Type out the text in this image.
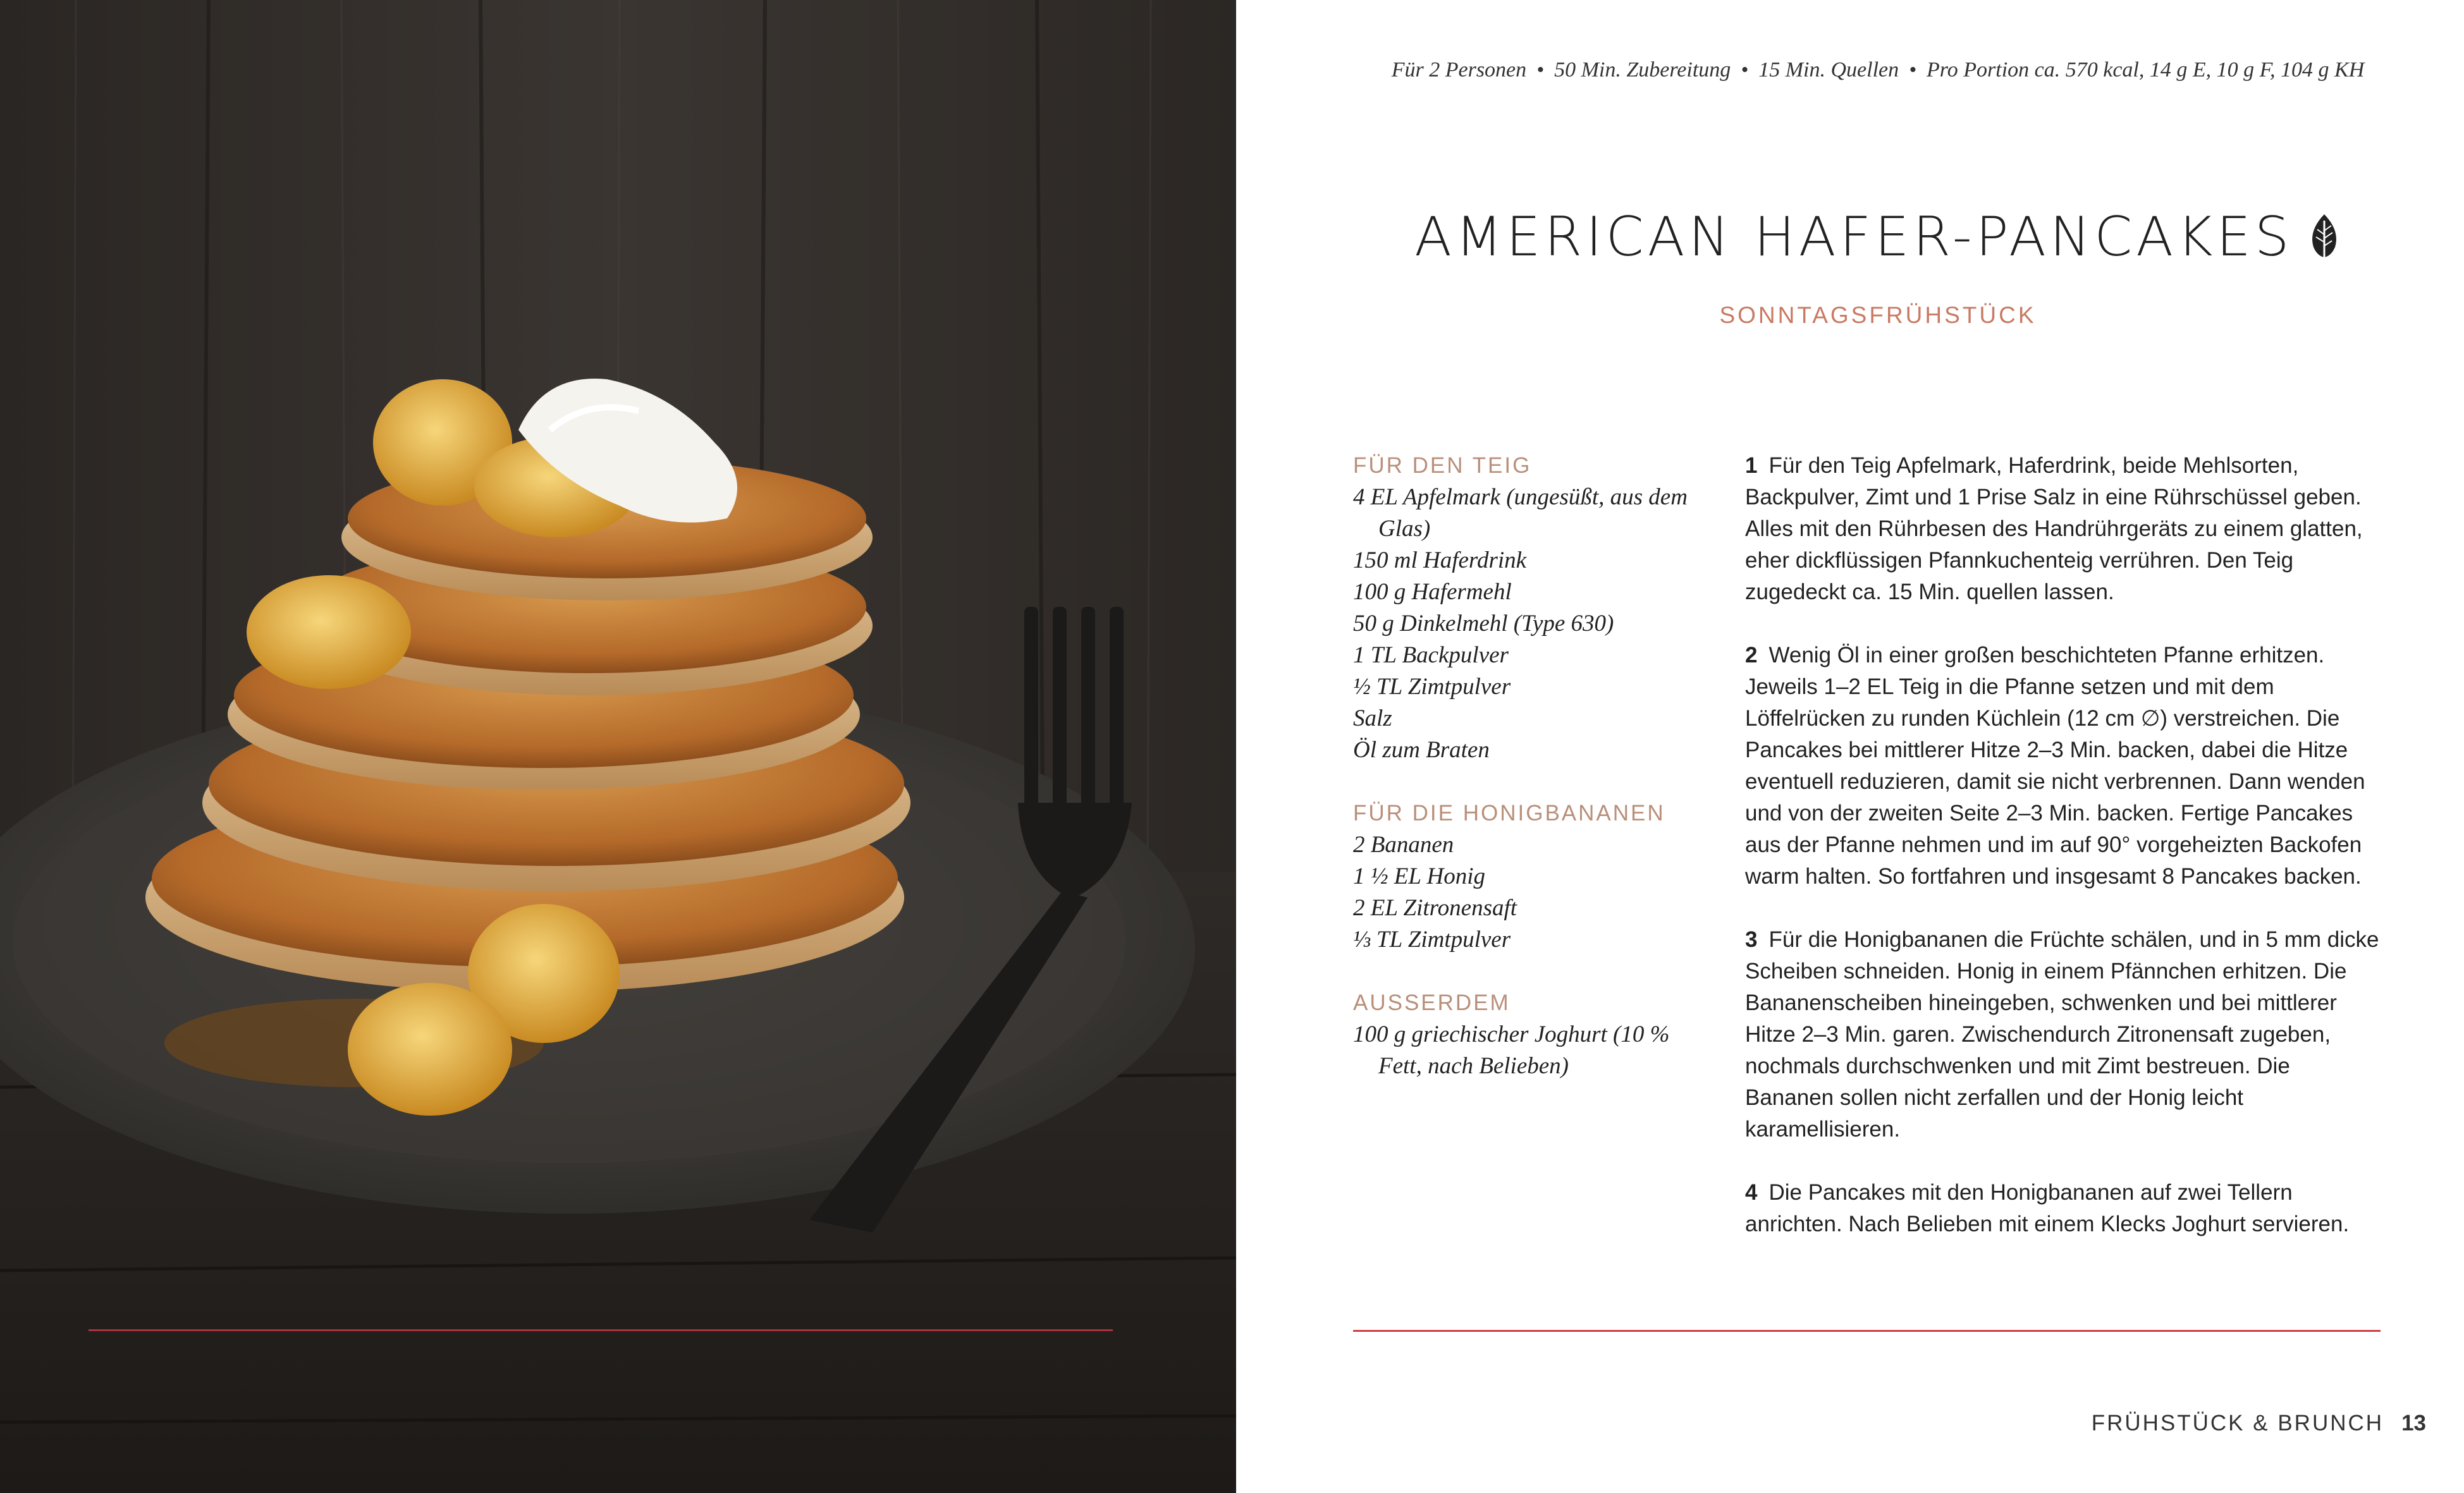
Für 2 Personen • 50 Min. Zubereitung • 15 Min. Quellen • Pro Portion ca. 570 kcal, 14 g E, 10 g F, 104 g KH
AMERICAN HAFER-PANCAKES
SONNTAGSFRÜHSTÜCK
FÜR DEN TEIG
4 EL Apfelmark (ungesüßt, aus dem Glas)
150 ml Haferdrink
100 g Hafermehl
50 g Dinkelmehl (Type 630)
1 TL Backpulver
½ TL Zimtpulver
Salz
Öl zum Braten
FÜR DIE HONIGBANANEN
2 Bananen
1 ½ EL Honig
2 EL Zitronensaft
⅓ TL Zimtpulver
AUSSERDEM
100 g griechischer Joghurt (10 % Fett, nach Belieben)
1 Für den Teig Apfelmark, Haferdrink, beide Mehlsorten, Backpulver, Zimt und 1 Prise Salz in eine Rührschüssel geben. Alles mit den Rührbesen des Handrührgeräts zu einem glatten, eher dickflüssigen Pfannkuchenteig verrühren. Den Teig zugedeckt ca. 15 Min. quellen lassen.
2 Wenig Öl in einer großen beschichteten Pfanne erhitzen. Jeweils 1–2 EL Teig in die Pfanne setzen und mit dem Löffelrücken zu runden Küchlein (12 cm ∅) verstreichen. Die Pancakes bei mittlerer Hitze 2–3 Min. backen, dabei die Hitze eventuell reduzieren, damit sie nicht verbrennen. Dann wenden und von der zweiten Seite 2–3 Min. backen. Fertige Pancakes aus der Pfanne nehmen und im auf 90° vorgeheizten Backofen warm halten. So fortfahren und insgesamt 8 Pancakes backen.
3 Für die Honigbananen die Früchte schälen, und in 5 mm dicke Scheiben schneiden. Honig in einem Pfännchen erhitzen. Die Bananenscheiben hineingeben, schwenken und bei mittlerer Hitze 2–3 Min. garen. Zwischendurch Zitronensaft zugeben, nochmals durchschwenken und mit Zimt bestreuen. Die Bananen sollen nicht zerfallen und der Honig leicht karamellisieren.
4 Die Pancakes mit den Honigbananen auf zwei Tellern anrichten. Nach Belieben mit einem Klecks Joghurt servieren.
FRÜHSTÜCK & BRUNCH 13
